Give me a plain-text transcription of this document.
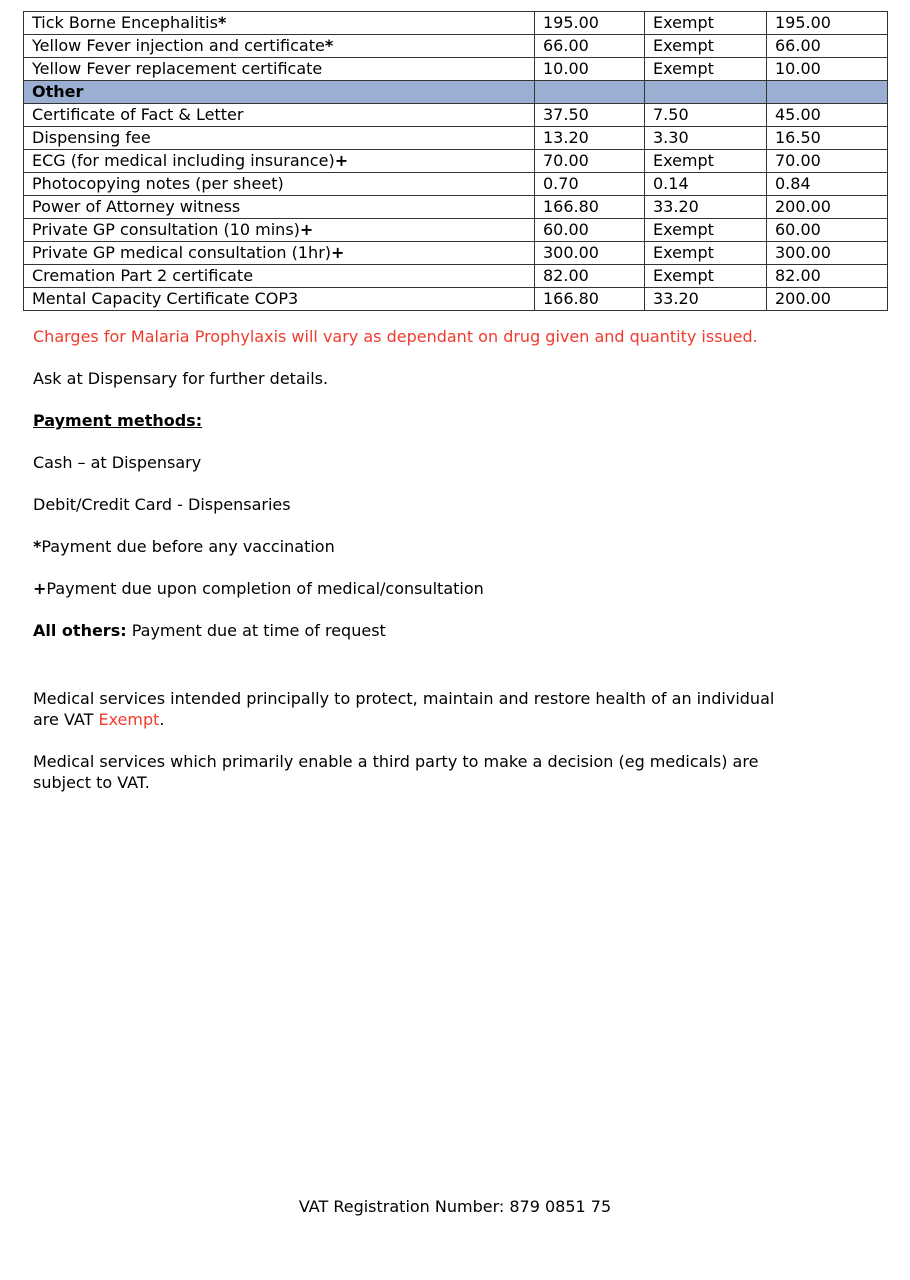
Tick Borne Encephalitis*	195.00	Exempt	195.00
Yellow Fever injection and certificate*	66.00	Exempt	66.00
Yellow Fever replacement certificate	10.00	Exempt	10.00
Other			
Certificate of Fact & Letter	37.50	7.50	45.00
Dispensing fee	13.20	3.30	16.50
ECG (for medical including insurance)+	70.00	Exempt	70.00
Photocopying notes (per sheet)	0.70	0.14	0.84
Power of Attorney witness	166.80	33.20	200.00
Private GP consultation (10 mins)+	60.00	Exempt	60.00
Private GP medical consultation (1hr)+	300.00	Exempt	300.00
Cremation Part 2 certificate	82.00	Exempt	82.00
Mental Capacity Certificate COP3	166.80	33.20	200.00

Charges for Malaria Prophylaxis will vary as dependant on drug given and quantity issued.

Ask at Dispensary for further details.

Payment methods:

Cash – at Dispensary

Debit/Credit Card - Dispensaries

*Payment due before any vaccination

+Payment due upon completion of medical/consultation

All others: Payment due at time of request

Medical services intended principally to protect, maintain and restore health of an individual
are VAT Exempt.

Medical services which primarily enable a third party to make a decision (eg medicals) are
subject to VAT.

VAT Registration Number: 879 0851 75
